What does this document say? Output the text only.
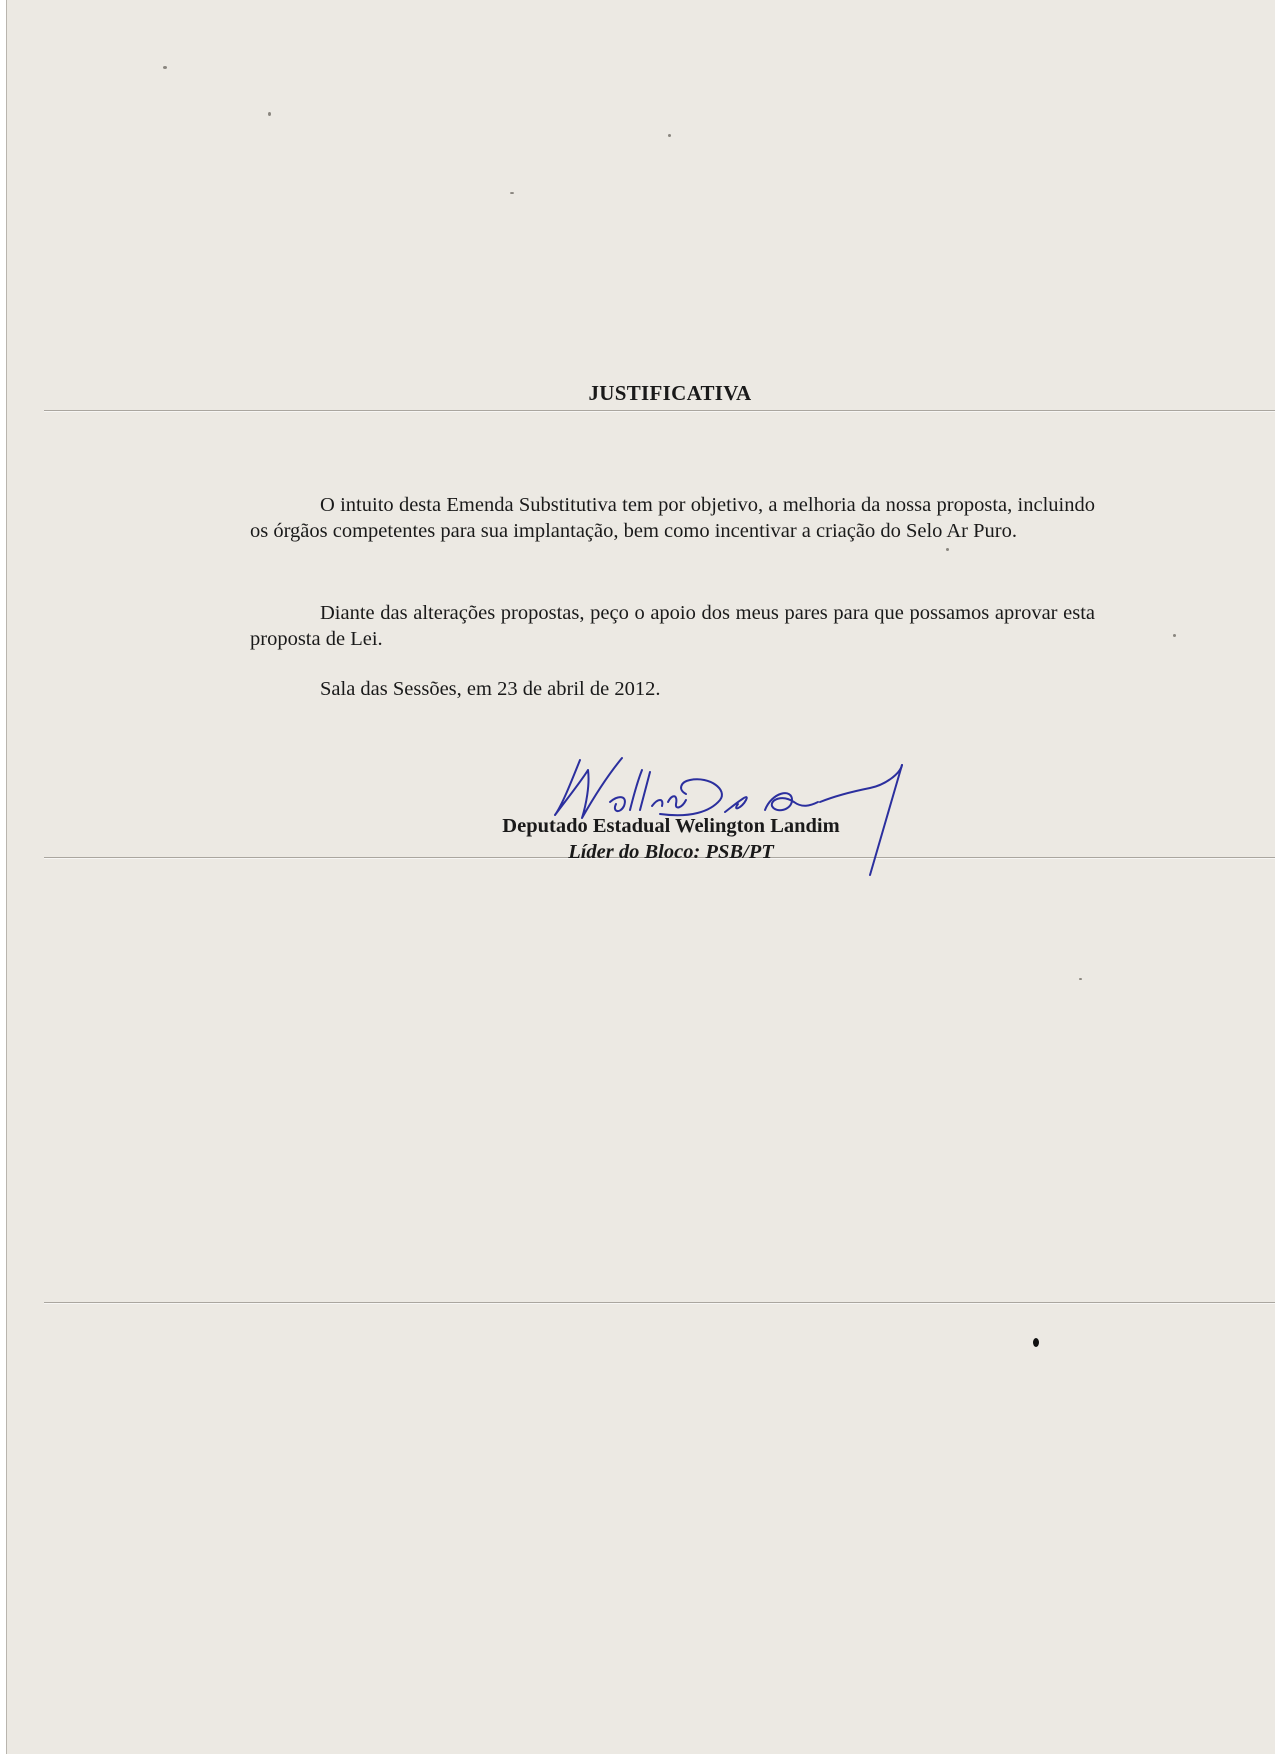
JUSTIFICATIVA

O intuito desta Emenda Substitutiva tem por objetivo, a melhoria da nossa proposta, incluindo os órgãos competentes para sua implantação, bem como incentivar a criação do Selo Ar Puro.

Diante das alterações propostas, peço o apoio dos meus pares para que possamos aprovar esta proposta de Lei.

Sala das Sessões, em 23 de abril de 2012.
Deputado Estadual Welington Landim
Líder do Bloco: PSB/PT
